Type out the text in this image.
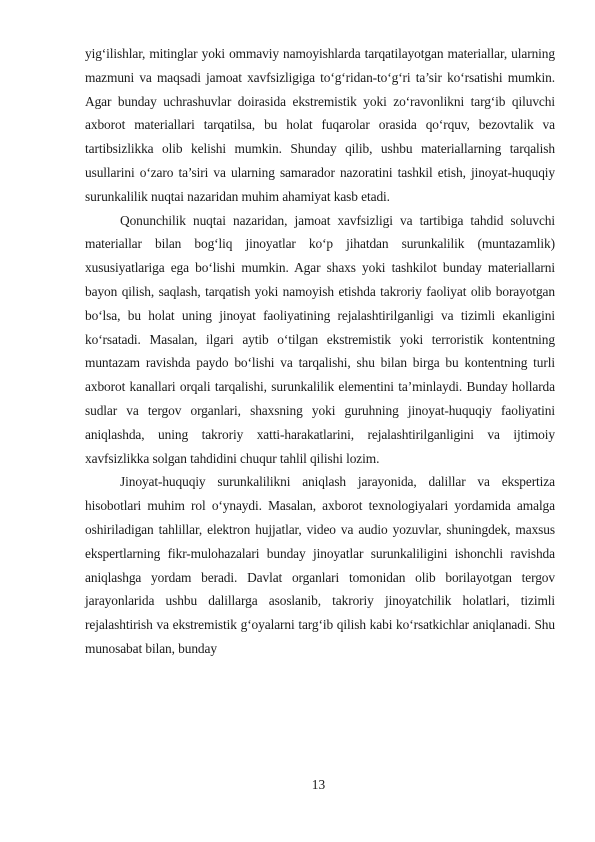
yig‘ilishlar, mitinglar yoki ommaviy namoyishlarda tarqatilayotgan materiallar, ularning mazmuni va maqsadi jamoat xavfsizligiga to‘g‘ridan-to‘g‘ri ta’sir ko‘rsatishi mumkin. Agar bunday uchrashuvlar doirasida ekstremistik yoki zo‘ravonlikni targ‘ib qiluvchi axborot materiallari tarqatilsa, bu holat fuqarolar orasida qo‘rquv, bezovtalik va tartibsizlikka olib kelishi mumkin. Shunday qilib, ushbu materiallarning tarqalish usullarini o‘zaro ta’siri va ularning samarador nazoratini tashkil etish, jinoyat-huquqiy surunkalilik nuqtai nazaridan muhim ahamiyat kasb etadi.

Qonunchilik nuqtai nazaridan, jamoat xavfsizligi va tartibiga tahdid soluvchi materiallar bilan bog‘liq jinoyatlar ko‘p jihatdan surunkalilik (muntazamlik) xususiyatlariga ega bo‘lishi mumkin. Agar shaxs yoki tashkilot bunday materiallarni bayon qilish, saqlash, tarqatish yoki namoyish etishda takroriy faoliyat olib borayotgan bo‘lsa, bu holat uning jinoyat faoliyatining rejalashtirilganligi va tizimli ekanligini ko‘rsatadi. Masalan, ilgari aytib o‘tilgan ekstremistik yoki terroristik kontentning muntazam ravishda paydo bo‘lishi va tarqalishi, shu bilan birga bu kontentning turli axborot kanallari orqali tarqalishi, surunkalilik elementini ta’minlaydi. Bunday hollarda sudlar va tergov organlari, shaxsning yoki guruhning jinoyat-huquqiy faoliyatini aniqlashda, uning takroriy xatti-harakatlarini, rejalashtirilganligini va ijtimoiy xavfsizlikka solgan tahdidini chuqur tahlil qilishi lozim.

Jinoyat-huquqiy surunkalilikni aniqlash jarayonida, dalillar va ekspertiza hisobotlari muhim rol o‘ynaydi. Masalan, axborot texnologiyalari yordamida amalga oshiriladigan tahlillar, elektron hujjatlar, video va audio yozuvlar, shuningdek, maxsus ekspertlarning fikr-mulohazalari bunday jinoyatlar surunkaliligini ishonchli ravishda aniqlashga yordam beradi. Davlat organlari tomonidan olib borilayotgan tergov jarayonlarida ushbu dalillarga asoslanib, takroriy jinoyatchilik holatlari, tizimli rejalashtirish va ekstremistik g‘oyalarni targ‘ib qilish kabi ko‘rsatkichlar aniqlanadi. Shu munosabat bilan, bunday

13
